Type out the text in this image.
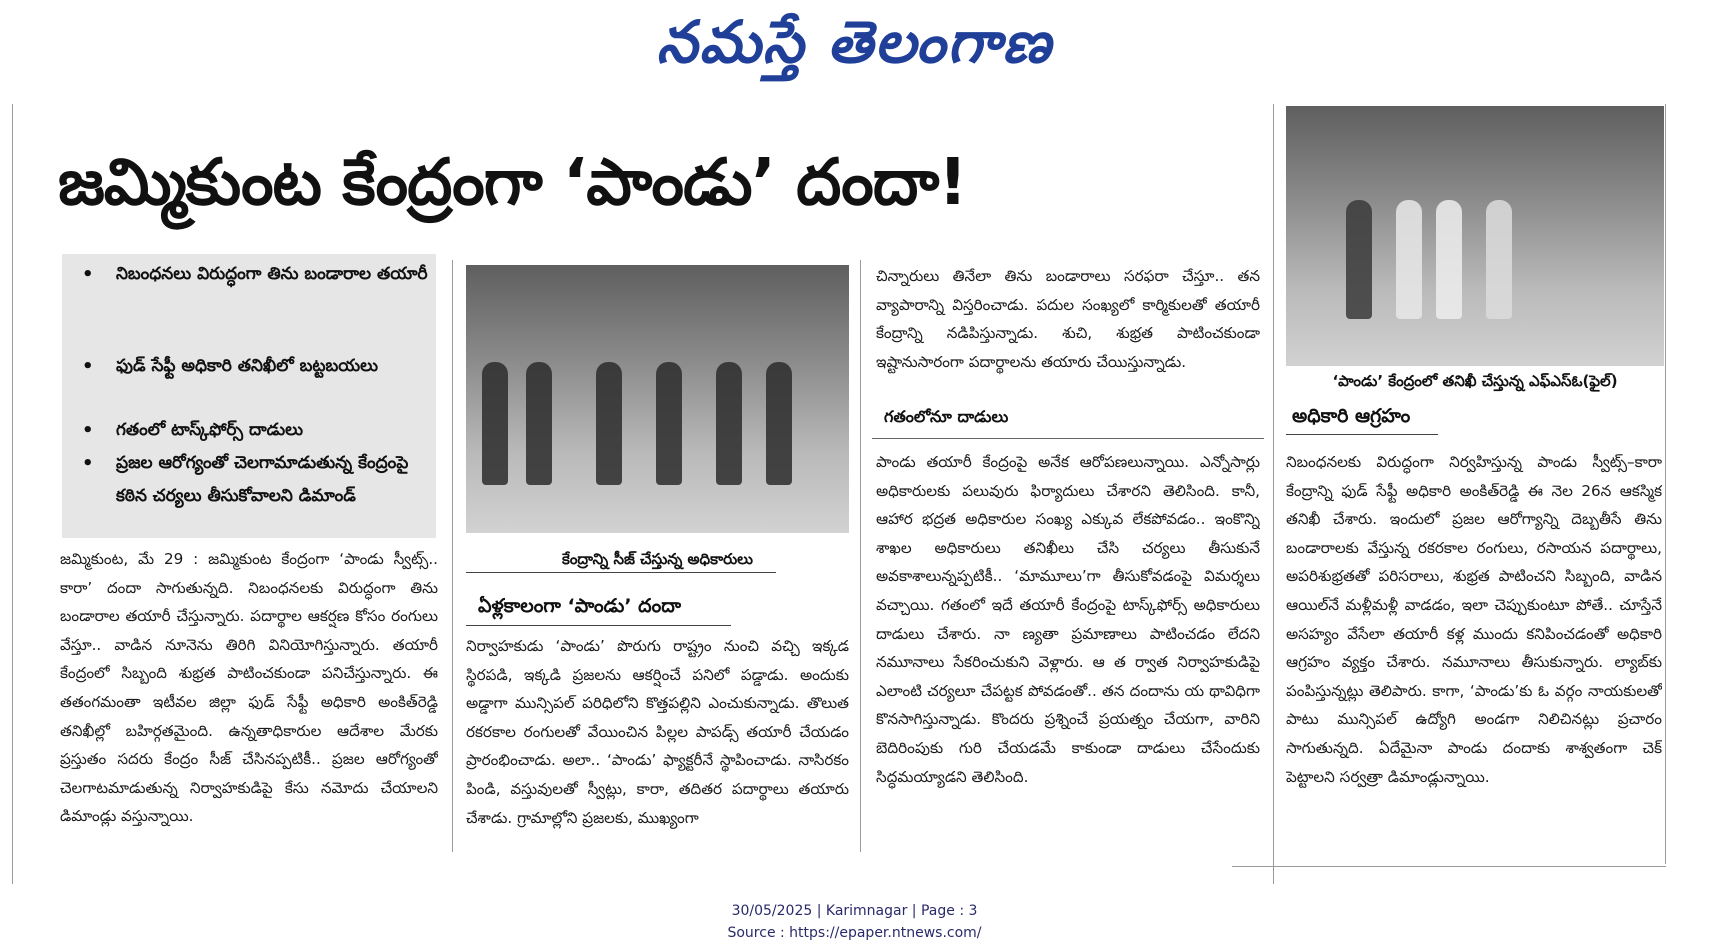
నమస్తే తెలంగాణ
జమ్మికుంట కేంద్రంగా ‘పాండు’ దందా!
• నిబంధనలు విరుద్ధంగా తిను బండారాల తయారీ
• ఫుడ్ సేఫ్టీ అధికారి తనిఖీలో బట్టబయలు
• గతంలో టాస్క్‌ఫోర్స్ దాడులు
• ప్రజల ఆరోగ్యంతో చెలగామాడుతున్న కేంద్రంపై కఠిన చర్యలు తీసుకోవాలని డిమాండ్
కేంద్రాన్ని సీజ్ చేస్తున్న అధికారులు
‘పాండు’ కేంద్రంలో తనిఖీ చేస్తున్న ఎఫ్ఎస్ఓ(ఫైల్)
ఏళ్లకాలంగా ‘పాండు’ దందా
గతంలోనూ దాడులు	అధికారి ఆగ్రహం

జమ్మికుంట, మే 29 : జమ్మికుంట కేంద్రంగా ‘పాండు స్వీట్స్.. కారా’ దందా సాగుతున్నది. నిబంధనలకు విరుద్ధంగా తిను బండారాల తయారీ చేస్తున్నారు. పదార్థాల ఆకర్షణ కోసం రంగులు వేస్తూ.. వాడిన నూనెను తిరిగి వినియోగిస్తున్నారు. తయారీ కేంద్రంలో సిబ్బంది శుభ్రత పాటించకుండా పనిచేస్తున్నారు. ఈ తతంగమంతా ఇటీవల జిల్లా ఫుడ్ సేఫ్టీ అధికారి అంకిత్‌రెడ్డి తనిఖీల్లో బహిర్గతమైంది. ఉన్నతాధికారుల ఆదేశాల మేరకు ప్రస్తుతం సదరు కేంద్రం సీజ్ చేసినప్పటికీ.. ప్రజల ఆరోగ్యంతో చెలగాటమాడుతున్న నిర్వాహకుడిపై కేసు నమోదు చేయాలని డిమాండ్లు వస్తున్నాయి.

నిర్వాహకుడు ‘పాండు’ పొరుగు రాష్ట్రం నుంచి వచ్చి ఇక్కడ స్థిరపడి, ఇక్కడి ప్రజలను ఆకర్షించే పనిలో పడ్డాడు. అందుకు అడ్డాగా మున్సిపల్ పరిధిలోని కొత్తపల్లిని ఎంచుకున్నాడు. తొలుత రకరకాల రంగులతో వేయించిన పిల్లల పాపడ్స్ తయారీ చేయడం ప్రారంభించాడు. అలా.. ‘పాండు’ ఫ్యాక్టరీనే స్థాపించాడు. నాసిరకం పిండి, వస్తువులతో స్వీట్లు, కారా, తదితర పదార్థాలు తయారు చేశాడు. గ్రామాల్లోని ప్రజలకు, ముఖ్యంగా

చిన్నారులు తినేలా తిను బండారాలు సరఫరా చేస్తూ.. తన వ్యాపారాన్ని విస్తరించాడు. పదుల సంఖ్యలో కార్మికులతో తయారీ కేంద్రాన్ని నడిపిస్తున్నాడు. శుచి, శుభ్రత పాటించకుండా ఇష్టానుసారంగా పదార్థాలను తయారు చేయిస్తున్నాడు.

పాండు తయారీ కేంద్రంపై అనేక ఆరోపణలున్నాయి. ఎన్నోసార్లు అధికారులకు పలువురు ఫిర్యాదులు చేశారని తెలిసింది. కానీ, ఆహార భద్రత అధికారుల సంఖ్య ఎక్కువ లేకపోవడం.. ఇంకొన్ని శాఖల అధికారులు తనిఖీలు చేసి చర్యలు తీసుకునే అవకాశాలున్నప్పటికీ.. ‘మామూలు’గా తీసుకోవడంపై విమర్శలు వచ్చాయి. గతంలో ఇదే తయారీ కేంద్రంపై టాస్క్‌ఫోర్స్ అధికారులు దాడులు చేశారు. నా ణ్యతా ప్రమాణాలు పాటించడం లేదని నమూనాలు సేకరించుకుని వెళ్లారు. ఆ త ర్వాత నిర్వాహకుడిపై ఎలాంటి చర్యలూ చేపట్టక పోవడంతో.. తన దందాను య థావిధిగా కొనసాగిస్తున్నాడు. కొందరు ప్రశ్నించే ప్రయత్నం చేయగా, వారిని బెదిరింపుకు గురి చేయడమే కాకుండా దాడులు చేసేందుకు సిద్ధమయ్యాడని తెలిసింది.

నిబంధనలకు విరుద్ధంగా నిర్వహిస్తున్న పాండు స్వీట్స్–కారా కేంద్రాన్ని ఫుడ్ సేఫ్టీ అధికారి అంకిత్‌రెడ్డి ఈ నెల 26న ఆకస్మిక తనిఖీ చేశారు. ఇందులో ప్రజల ఆరోగ్యాన్ని దెబ్బతీసే తిను బండారాలకు వేస్తున్న రకరకాల రంగులు, రసాయన పదార్థాలు, అపరిశుభ్రతతో పరిసరాలు, శుభ్రత పాటించని సిబ్బంది, వాడిన ఆయిల్‌నే మళ్లీమళ్లీ వాడడం, ఇలా చెప్పుకుంటూ పోతే.. చూస్తేనే అసహ్యం వేసేలా తయారీ కళ్ల ముందు కనిపించడంతో అధికారి ఆగ్రహం వ్యక్తం చేశారు. నమూనాలు తీసుకున్నారు. ల్యాబ్‌కు పంపిస్తున్నట్లు తెలిపారు. కాగా, ‘పాండు’కు ఓ వర్గం నాయకులతో పాటు మున్సిపల్ ఉద్యోగి అండగా నిలిచినట్లు ప్రచారం సాగుతున్నది. ఏదేమైనా పాండు దందాకు శాశ్వతంగా చెక్ పెట్టాలని సర్వత్రా డిమాండ్లున్నాయి.

30/05/2025 | Karimnagar | Page : 3
Source : https://epaper.ntnews.com/
